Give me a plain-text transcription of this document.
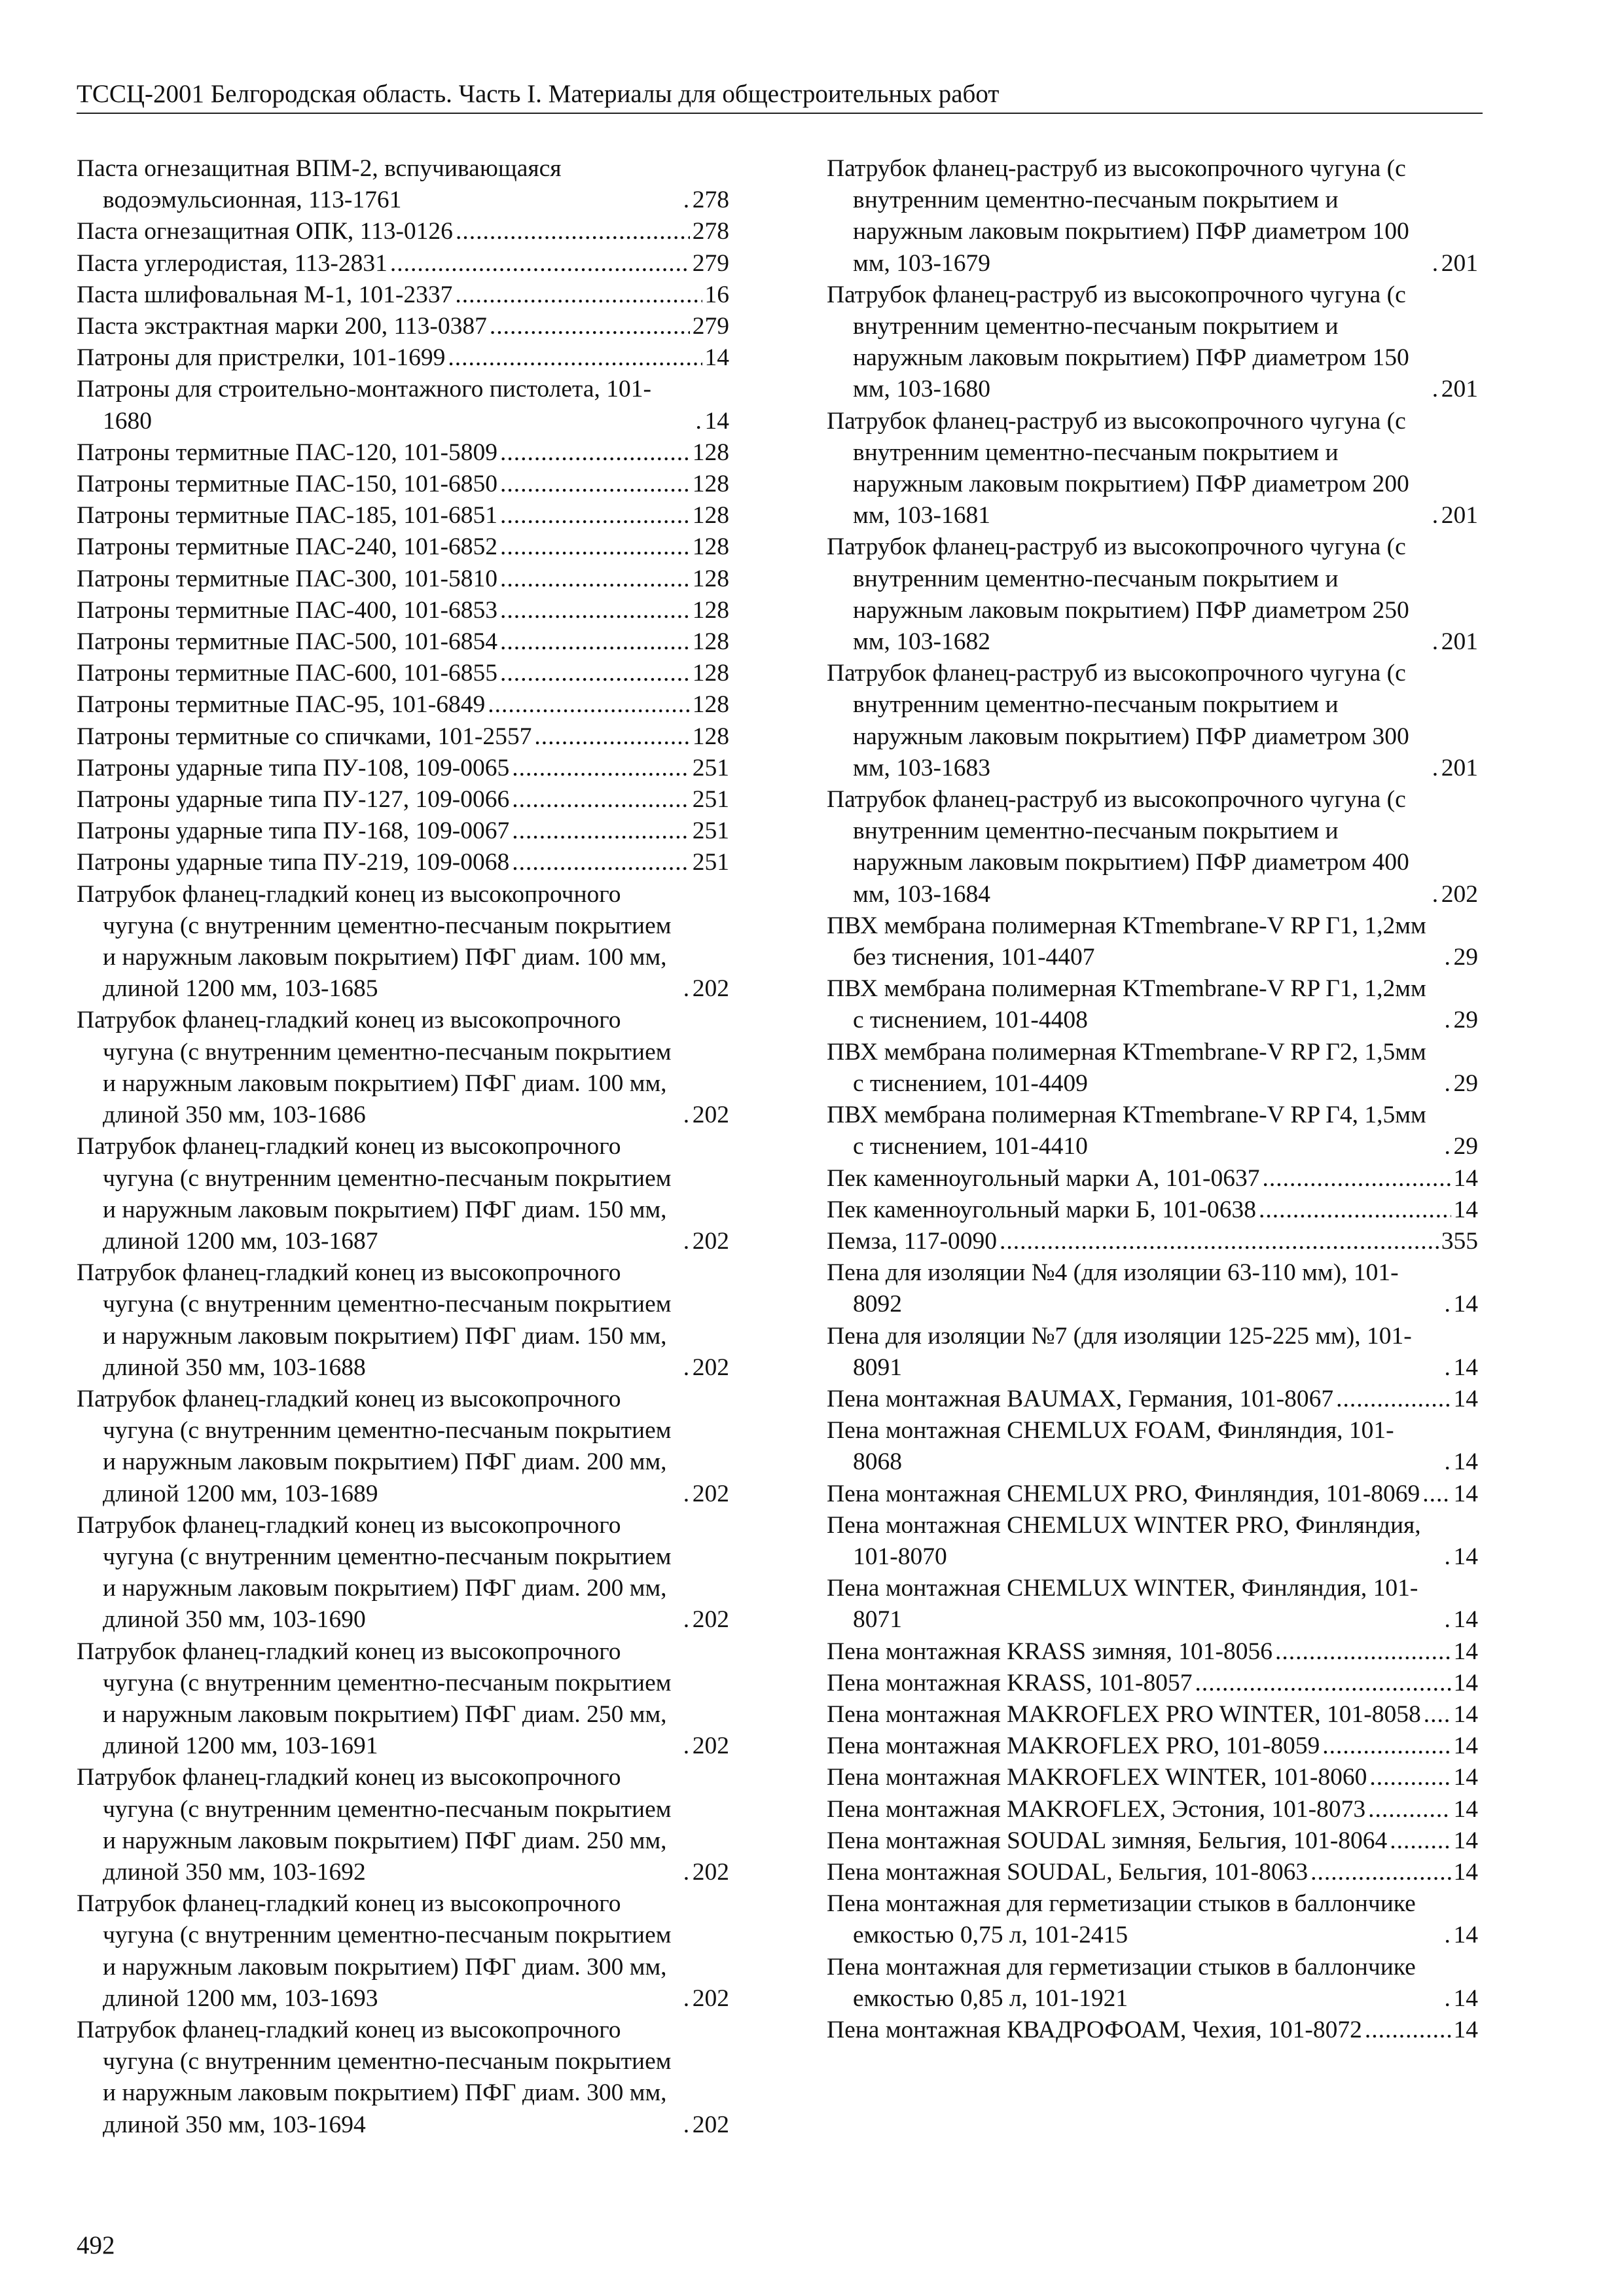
ТССЦ-2001 Белгородская область. Часть I. Материалы для общестроительных работ
Паста огнезащитная ВПМ-2, вспучивающаяся водоэмульсионная, 113-1761 .....	278
Паста огнезащитная ОПК, 113-0126 .....	278
Паста углеродистая, 113-2831 .....	279
Паста шлифовальная М-1, 101-2337 .....	16
Паста экстрактная марки 200, 113-0387 .....	279
Патроны для пристрелки, 101-1699 .....	14
Патроны для строительно-монтажного пистолета, 101-1680 .....	14
Патроны термитные ПАС-120, 101-5809 .....	128
Патроны термитные ПАС-150, 101-6850 .....	128
Патроны термитные ПАС-185, 101-6851 .....	128
Патроны термитные ПАС-240, 101-6852 .....	128
Патроны термитные ПАС-300, 101-5810 .....	128
Патроны термитные ПАС-400, 101-6853 .....	128
Патроны термитные ПАС-500, 101-6854 .....	128
Патроны термитные ПАС-600, 101-6855 .....	128
Патроны термитные ПАС-95, 101-6849 .....	128
Патроны термитные со спичками, 101-2557 .....	128
Патроны ударные типа ПУ-108, 109-0065 .....	251
Патроны ударные типа ПУ-127, 109-0066 .....	251
Патроны ударные типа ПУ-168, 109-0067 .....	251
Патроны ударные типа ПУ-219, 109-0068 .....	251
Патрубок фланец-гладкий конец из высокопрочного чугуна (с внутренним цементно-песчаным покрытием и наружным лаковым покрытием) ПФГ диам. 100 мм, длиной 1200 мм, 103-1685 .....	202
Патрубок фланец-гладкий конец из высокопрочного чугуна (с внутренним цементно-песчаным покрытием и наружным лаковым покрытием) ПФГ диам. 100 мм, длиной 350 мм, 103-1686 .....	202
Патрубок фланец-гладкий конец из высокопрочного чугуна (с внутренним цементно-песчаным покрытием и наружным лаковым покрытием) ПФГ диам. 150 мм, длиной 1200 мм, 103-1687 .....	202
Патрубок фланец-гладкий конец из высокопрочного чугуна (с внутренним цементно-песчаным покрытием и наружным лаковым покрытием) ПФГ диам. 150 мм, длиной 350 мм, 103-1688 .....	202
Патрубок фланец-гладкий конец из высокопрочного чугуна (с внутренним цементно-песчаным покрытием и наружным лаковым покрытием) ПФГ диам. 200 мм, длиной 1200 мм, 103-1689 .....	202
Патрубок фланец-гладкий конец из высокопрочного чугуна (с внутренним цементно-песчаным покрытием и наружным лаковым покрытием) ПФГ диам. 200 мм, длиной 350 мм, 103-1690 .....	202
Патрубок фланец-гладкий конец из высокопрочного чугуна (с внутренним цементно-песчаным покрытием и наружным лаковым покрытием) ПФГ диам. 250 мм, длиной 1200 мм, 103-1691 .....	202
Патрубок фланец-гладкий конец из высокопрочного чугуна (с внутренним цементно-песчаным покрытием и наружным лаковым покрытием) ПФГ диам. 250 мм, длиной 350 мм, 103-1692 .....	202
Патрубок фланец-гладкий конец из высокопрочного чугуна (с внутренним цементно-песчаным покрытием и наружным лаковым покрытием) ПФГ диам. 300 мм, длиной 1200 мм, 103-1693 .....	202
Патрубок фланец-гладкий конец из высокопрочного чугуна (с внутренним цементно-песчаным покрытием и наружным лаковым покрытием) ПФГ диам. 300 мм, длиной 350 мм, 103-1694 .....	202
Патрубок фланец-раструб из высокопрочного чугуна (с внутренним цементно-песчаным покрытием и наружным лаковым покрытием) ПФР диаметром 100 мм, 103-1679 .....	201
Патрубок фланец-раструб из высокопрочного чугуна (с внутренним цементно-песчаным покрытием и наружным лаковым покрытием) ПФР диаметром 150 мм, 103-1680 .....	201
Патрубок фланец-раструб из высокопрочного чугуна (с внутренним цементно-песчаным покрытием и наружным лаковым покрытием) ПФР диаметром 200 мм, 103-1681 .....	201
Патрубок фланец-раструб из высокопрочного чугуна (с внутренним цементно-песчаным покрытием и наружным лаковым покрытием) ПФР диаметром 250 мм, 103-1682 .....	201
Патрубок фланец-раструб из высокопрочного чугуна (с внутренним цементно-песчаным покрытием и наружным лаковым покрытием) ПФР диаметром 300 мм, 103-1683 .....	201
Патрубок фланец-раструб из высокопрочного чугуна (с внутренним цементно-песчаным покрытием и наружным лаковым покрытием) ПФР диаметром 400 мм, 103-1684 .....	202
ПВХ мембрана полимерная KTmembrane-V RP Г1, 1,2мм без тиснения, 101-4407 .....	29
ПВХ мембрана полимерная KTmembrane-V RP Г1, 1,2мм с тиснением, 101-4408 .....	29
ПВХ мембрана полимерная KTmembrane-V RP Г2, 1,5мм с тиснением, 101-4409 .....	29
ПВХ мембрана полимерная KTmembrane-V RP Г4, 1,5мм с тиснением, 101-4410 .....	29
Пек каменноугольный марки А, 101-0637 .....	14
Пек каменноугольный марки Б, 101-0638 .....	14
Пемза, 117-0090 .....	355
Пена для изоляции №4 (для изоляции 63-110 мм), 101-8092 .....	14
Пена для изоляции №7 (для изоляции 125-225 мм), 101-8091 .....	14
Пена монтажная BAUMAX, Германия, 101-8067 .....	14
Пена монтажная CHEMLUX FOAM, Финляндия, 101-8068 .....	14
Пена монтажная CHEMLUX PRO, Финляндия, 101-8069 ..... 14
Пена монтажная CHEMLUX WINTER PRO, Финляндия, 101-8070 .....	14
Пена монтажная CHEMLUX WINTER, Финляндия, 101-8071 .....	14
Пена монтажная KRASS зимняя, 101-8056 .....	14
Пена монтажная KRASS, 101-8057 .....	14
Пена монтажная MAKROFLEX PRO WINTER, 101-8058 ..... 14
Пена монтажная MAKROFLEX PRO, 101-8059 .....	14
Пена монтажная MAKROFLEX WINTER, 101-8060 .....	14
Пена монтажная MAKROFLEX, Эстония, 101-8073 .....	14
Пена монтажная SOUDAL зимняя, Бельгия, 101-8064 .....	14
Пена монтажная SOUDAL, Бельгия, 101-8063 .....	14
Пена монтажная для герметизации стыков в баллончике емкостью 0,75 л, 101-2415 .....	14
Пена монтажная для герметизации стыков в баллончике емкостью 0,85 л, 101-1921 .....	14
Пена монтажная КВАДРОФОАМ, Чехия, 101-8072 .....	14
492
